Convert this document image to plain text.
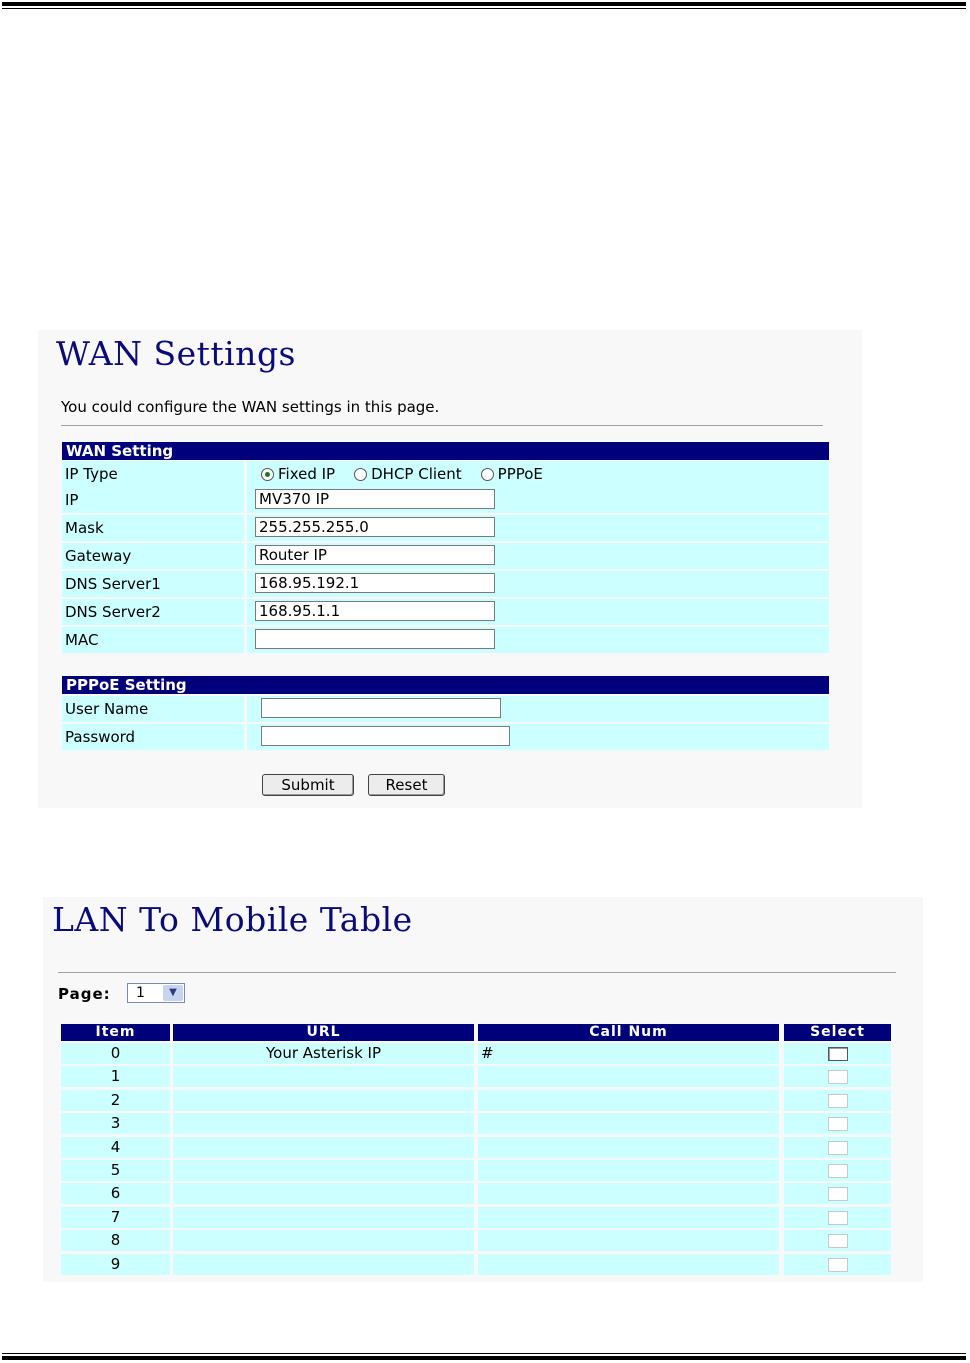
WAN Settings
You could configure the WAN settings in this page.
WAN Setting
IP Type	Fixed IP DHCP Client PPPoE
IP	MV370 IP
Mask	255.255.255.0
Gateway	Router IP
DNS Server1	168.95.192.1
DNS Server2	168.95.1.1
MAC
PPPoE Setting
User Name
Password
Submit	Reset
LAN To Mobile Table
Page: 1	▼
Item	URL	Call Num	Select
0	Your Asterisk IP	#
1
2
3
4
5
6
7
8
9
